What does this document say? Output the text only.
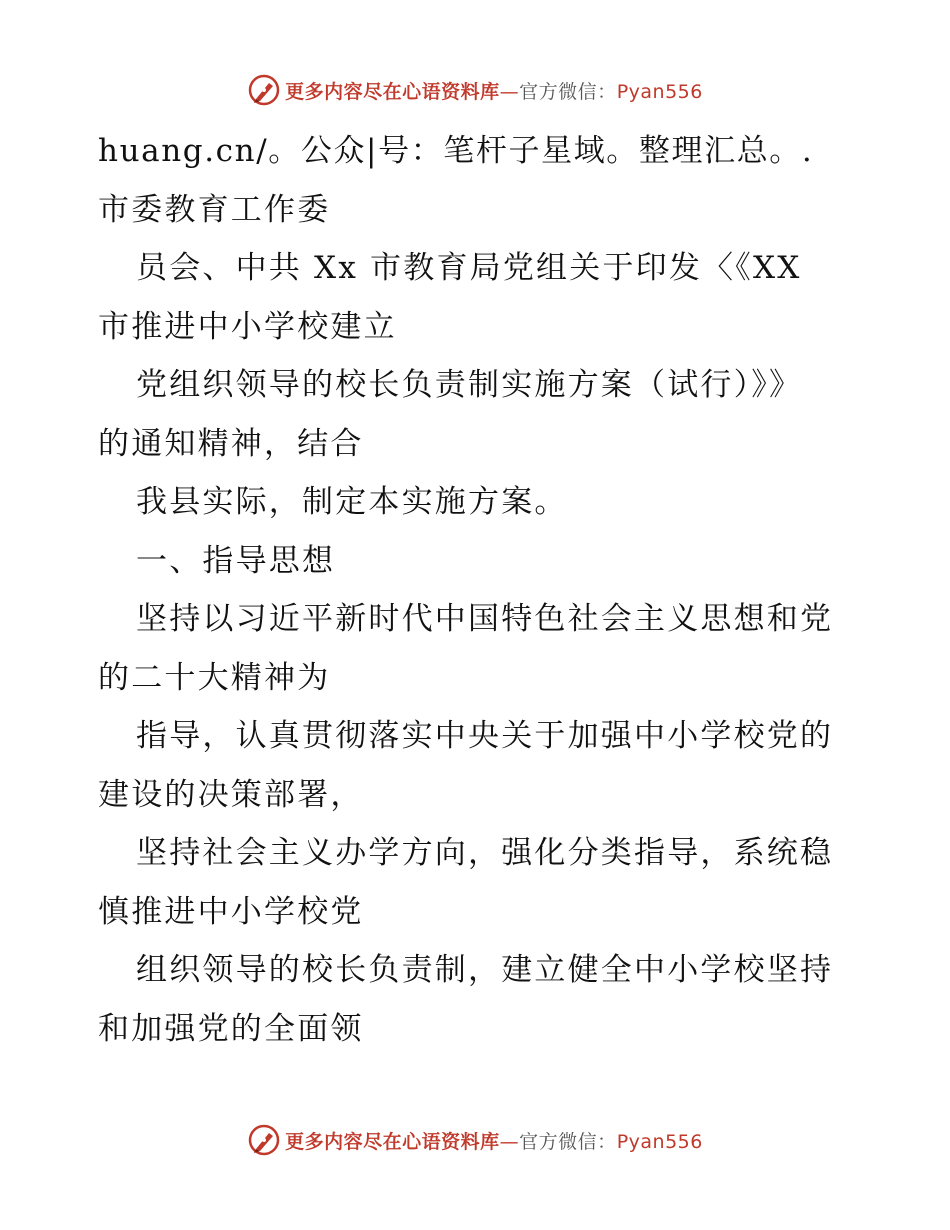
更多内容尽在心语资料库—官方微信：Pyan556
huang.cn/。公众|号：笔杆子星域。整理汇总。.
市委教育工作委
员会、中共 Xx 市教育局党组关于印发〈《XX
市推进中小学校建立
党组织领导的校长负责制实施方案（试行）》》
的通知精神，结合
我县实际，制定本实施方案。
一、指导思想
坚持以习近平新时代中国特色社会主义思想和党
的二十大精神为
指导，认真贯彻落实中央关于加强中小学校党的
建设的决策部署，
坚持社会主义办学方向，强化分类指导，系统稳
慎推进中小学校党
组织领导的校长负责制，建立健全中小学校坚持
和加强党的全面领
更多内容尽在心语资料库—官方微信：Pyan556
